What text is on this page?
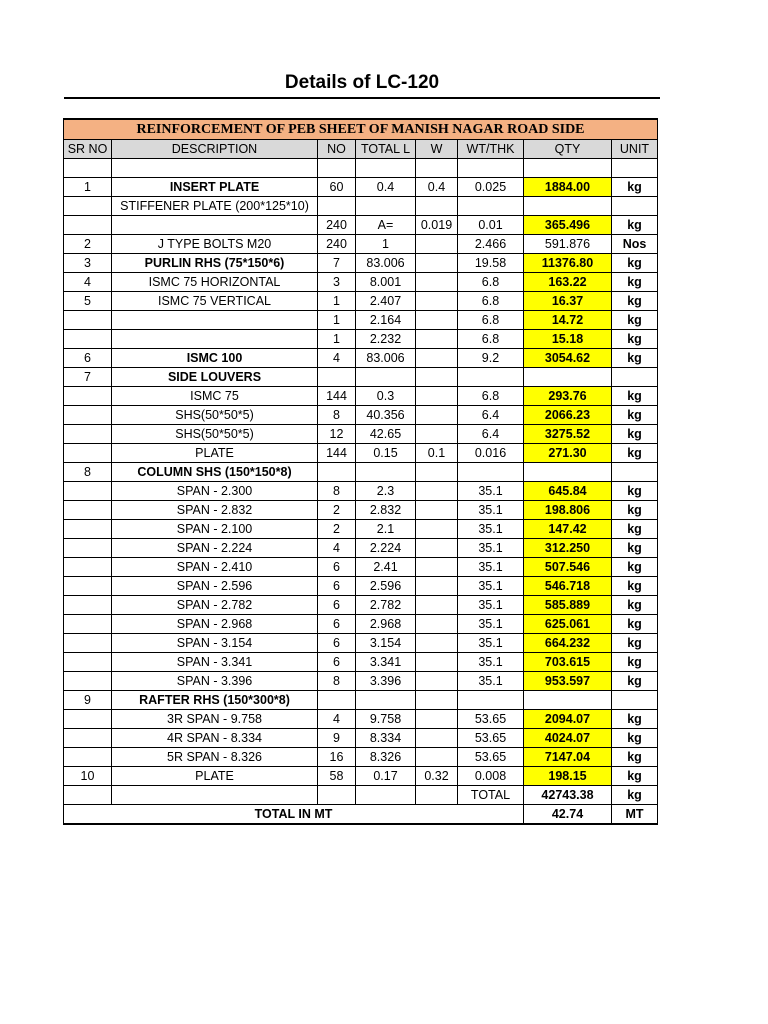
Details of LC-120
REINFORCEMENT OF PEB SHEET OF MANISH NAGAR ROAD SIDE							
SR NO	DESCRIPTION	NO	TOTAL L	W	WT/THK	QTY	UNIT

1	INSERT PLATE	60	0.4	0.4	0.025	1884.00	kg
	STIFFENER PLATE (200*125*10)						
		240	A=	0.019	0.01	365.496	kg
2	J TYPE BOLTS M20	240	1		2.466	591.876	Nos
3	PURLIN RHS (75*150*6)	7	83.006		19.58	11376.80	kg
4	ISMC 75 HORIZONTAL	3	8.001		6.8	163.22	kg
5	ISMC 75 VERTICAL	1	2.407		6.8	16.37	kg
		1	2.164		6.8	14.72	kg
		1	2.232		6.8	15.18	kg
6	ISMC 100	4	83.006		9.2	3054.62	kg
7	SIDE LOUVERS						
	ISMC 75	144	0.3		6.8	293.76	kg
	SHS(50*50*5)	8	40.356		6.4	2066.23	kg
	SHS(50*50*5)	12	42.65		6.4	3275.52	kg
	PLATE	144	0.15	0.1	0.016	271.30	kg
8	COLUMN SHS (150*150*8)						
	SPAN - 2.300	8	2.3		35.1	645.84	kg
	SPAN - 2.832	2	2.832		35.1	198.806	kg
	SPAN - 2.100	2	2.1		35.1	147.42	kg
	SPAN - 2.224	4	2.224		35.1	312.250	kg
	SPAN - 2.410	6	2.41		35.1	507.546	kg
	SPAN - 2.596	6	2.596		35.1	546.718	kg
	SPAN - 2.782	6	2.782		35.1	585.889	kg
	SPAN - 2.968	6	2.968		35.1	625.061	kg
	SPAN - 3.154	6	3.154		35.1	664.232	kg
	SPAN - 3.341	6	3.341		35.1	703.615	kg
	SPAN - 3.396	8	3.396		35.1	953.597	kg
9	RAFTER RHS (150*300*8)						
	3R SPAN - 9.758	4	9.758		53.65	2094.07	kg
	4R SPAN - 8.334	9	8.334		53.65	4024.07	kg
	5R SPAN - 8.326	16	8.326		53.65	7147.04	kg
10	PLATE	58	0.17	0.32	0.008	198.15	kg
					TOTAL	42743.38	kg
TOTAL IN MT						42.74	MT
